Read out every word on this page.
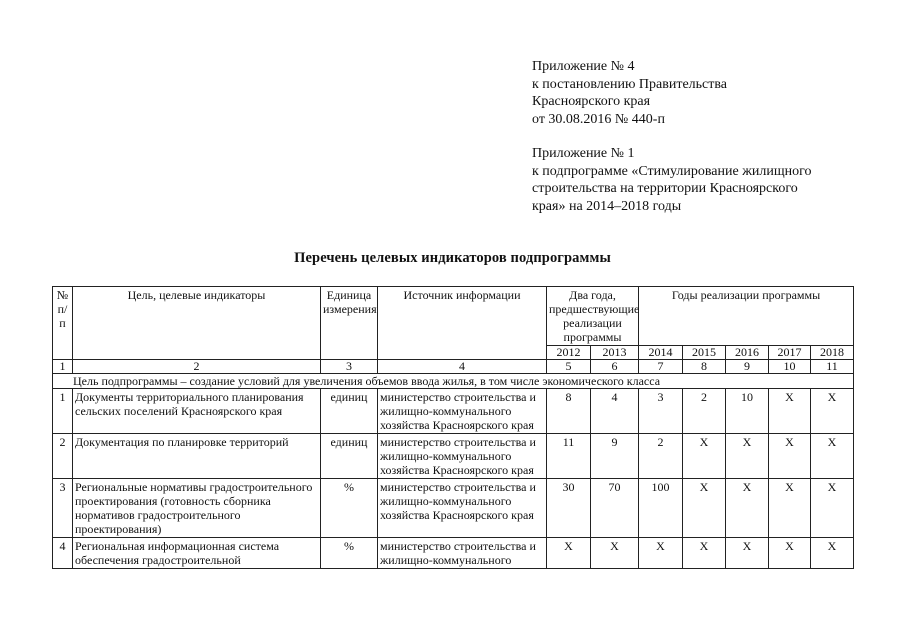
Приложение № 4

к постановлению Правительства

Красноярского края

от 30.08.2016 № 440-п

Приложение № 1

к подпрограмме «Стимулирование жилищного

строительства на территории Красноярского

края» на 2014–2018 годы

Перечень целевых индикаторов подпрограммы
№ п/п	Цель, целевые индикаторы	Единица измерения	Источник информации	Два года, предшествующие реализации программы		Годы реализации программы				
				2012	2013	2014	2015	2016	2017	2018
1	2	3	4	5	6	7	8	9	10	11
Цель подпрограммы – создание условий для увеличения объемов ввода жилья, в том числе экономического класса										
1	Документы территориального планирования сельских поселений Красноярского края	единиц	министерство строительства и жилищно-коммунального хозяйства Красноярского края	8	4	3	2	10	X	X
2	Документация по планировке территорий	единиц	министерство строительства и жилищно-коммунального хозяйства Красноярского края	11	9	2	X	X	X	X
3	Региональные нормативы градостроительного проектирования (готовность сборника нормативов градостроительного проектирования)	%	министерство строительства и жилищно-коммунального хозяйства Красноярского края	30	70	100	X	X	X	X
4	Региональная информационная система обеспечения градостроительной	%	министерство строительства и жилищно-коммунального	X	X	X	X	X	X	X
